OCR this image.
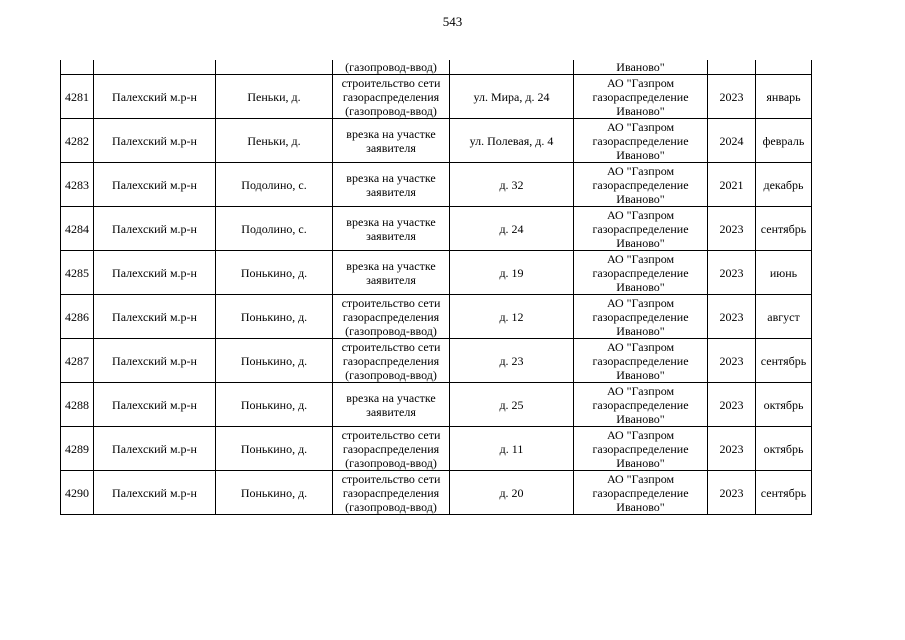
543
			(газопровод-ввод)		Иваново"		
4281	Палехский м.р-н	Пеньки, д.	строительство сети
газораспределения
(газопровод-ввод)	ул. Мира, д. 24	АО "Газпром
газораспределение
Иваново"	2023	январь
4282	Палехский м.р-н	Пеньки, д.	врезка на участке
заявителя	ул. Полевая, д. 4	АО "Газпром
газораспределение
Иваново"	2024	февраль
4283	Палехский м.р-н	Подолино, с.	врезка на участке
заявителя	д. 32	АО "Газпром
газораспределение
Иваново"	2021	декабрь
4284	Палехский м.р-н	Подолино, с.	врезка на участке
заявителя	д. 24	АО "Газпром
газораспределение
Иваново"	2023	сентябрь
4285	Палехский м.р-н	Понькино, д.	врезка на участке
заявителя	д. 19	АО "Газпром
газораспределение
Иваново"	2023	июнь
4286	Палехский м.р-н	Понькино, д.	строительство сети
газораспределения
(газопровод-ввод)	д. 12	АО "Газпром
газораспределение
Иваново"	2023	август
4287	Палехский м.р-н	Понькино, д.	строительство сети
газораспределения
(газопровод-ввод)	д. 23	АО "Газпром
газораспределение
Иваново"	2023	сентябрь
4288	Палехский м.р-н	Понькино, д.	врезка на участке
заявителя	д. 25	АО "Газпром
газораспределение
Иваново"	2023	октябрь
4289	Палехский м.р-н	Понькино, д.	строительство сети
газораспределения
(газопровод-ввод)	д. 11	АО "Газпром
газораспределение
Иваново"	2023	октябрь
4290	Палехский м.р-н	Понькино, д.	строительство сети
газораспределения
(газопровод-ввод)	д. 20	АО "Газпром
газораспределение
Иваново"	2023	сентябрь
